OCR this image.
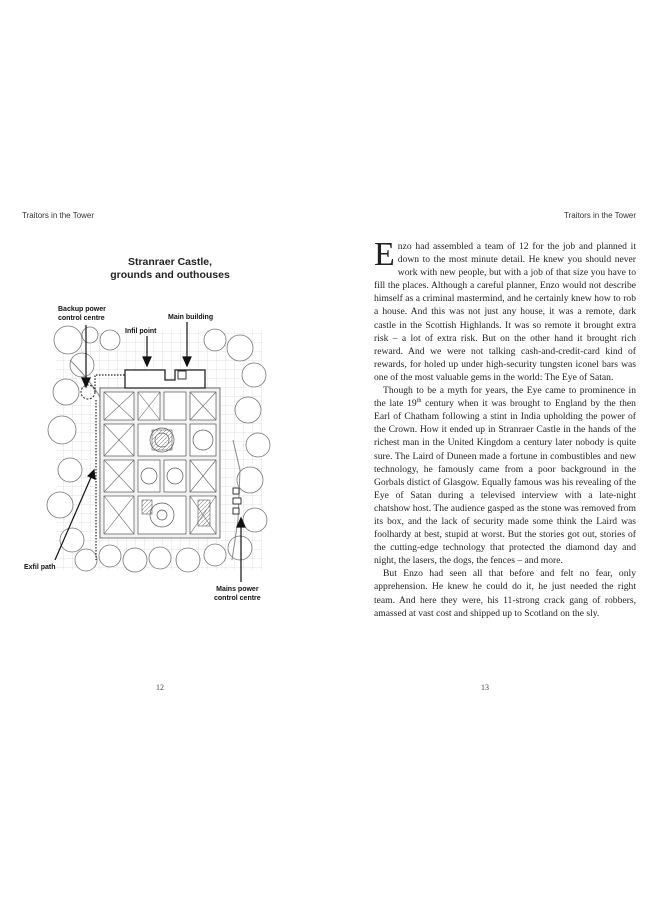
Traitors in the Tower
Stranraer Castle,
grounds and outhouses
Backup power
control centre
Infil point
Main building
Exfil path
Mains power
control centre
12
Traitors in the Tower

Enzo had assembled a team of 12 for the job and planned it down to the most minute detail. He knew you should never work with new people, but with a job of that size you have to fill the places. Although a careful planner, Enzo would not describe himself as a criminal mastermind, and he certainly knew how to rob a house. And this was not just any house, it was a remote, dark castle in the Scottish Highlands. It was so remote it brought extra risk – a lot of extra risk. But on the other hand it brought rich reward. And we were not talking cash-and-credit-card kind of rewards, for holed up under high-security tungsten iconel bars was one of the most valuable gems in the world: The Eye of Satan.

Though to be a myth for years, the Eye came to prominence in the late 19th century when it was brought to England by the then Earl of Chatham following a stint in India upholding the power of the Crown. How it ended up in Stranraer Castle in the hands of the richest man in the United Kingdom a century later nobody is quite sure. The Laird of Duneen made a fortune in combustibles and new technology, he famously came from a poor background in the Gorbals distict of Glasgow. Equally famous was his revealing of the Eye of Satan during a televised interview with a late-night chatshow host. The audience gasped as the stone was removed from its box, and the lack of security made some think the Laird was foolhardy at best, stupid at worst. But the stories got out, stories of the cutting-edge technology that protected the diamond day and night, the lasers, the dogs, the fences – and more.

But Enzo had seen all that before and felt no fear, only apprehension. He knew he could do it, he just needed the right team. And here they were, his 11-strong crack gang of robbers, amassed at vast cost and shipped up to Scotland on the sly.

13
